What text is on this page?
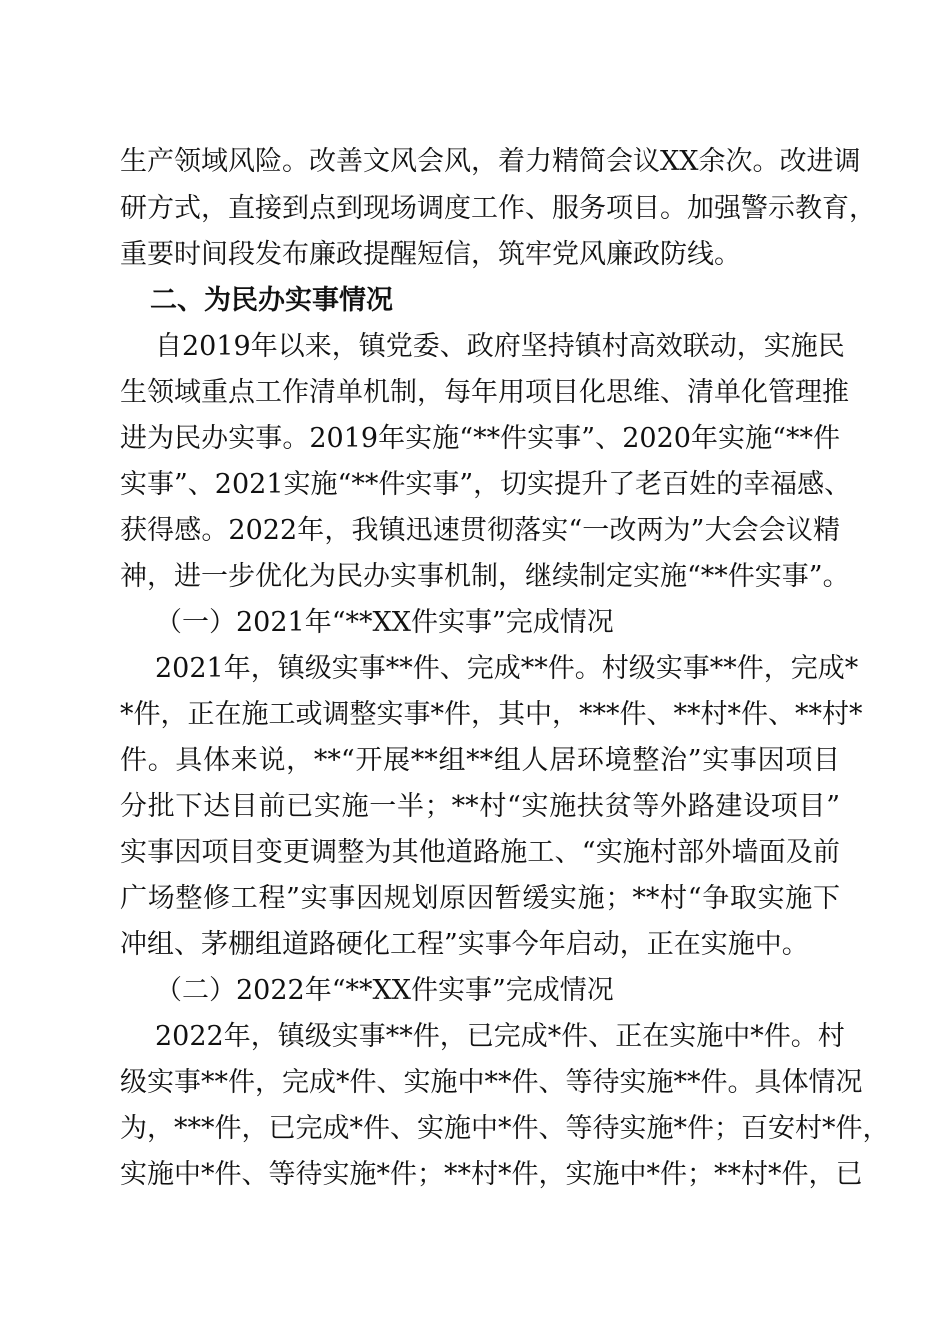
生产领域风险。改善文风会风，着力精简会议XX余次。改进调
研方式，直接到点到现场调度工作、服务项目。加强警示教育，
重要时间段发布廉政提醒短信，筑牢党风廉政防线。
二、为民办实事情况
自2019年以来，镇党委、政府坚持镇村高效联动，实施民
生领域重点工作清单机制，每年用项目化思维、清单化管理推
进为民办实事。2019年实施“**件实事”、2020年实施“**件
实事”、2021实施“**件实事”，切实提升了老百姓的幸福感、
获得感。2022年，我镇迅速贯彻落实“一改两为”大会会议精
神，进一步优化为民办实事机制，继续制定实施“**件实事”。
（一）2021年“**XX件实事”完成情况
2021年，镇级实事**件、完成**件。村级实事**件，完成*
*件，正在施工或调整实事*件，其中，***件、**村*件、**村*
件。具体来说，**“开展**组**组人居环境整治”实事因项目
分批下达目前已实施一半；**村“实施扶贫等外路建设项目”
实事因项目变更调整为其他道路施工、“实施村部外墙面及前
广场整修工程”实事因规划原因暂缓实施；**村“争取实施下
冲组、茅棚组道路硬化工程”实事今年启动，正在实施中。
（二）2022年“**XX件实事”完成情况
2022年，镇级实事**件，已完成*件、正在实施中*件。村
级实事**件，完成*件、实施中**件、等待实施**件。具体情况
为，***件，已完成*件、实施中*件、等待实施*件；百安村*件，
实施中*件、等待实施*件；**村*件，实施中*件；**村*件，已
